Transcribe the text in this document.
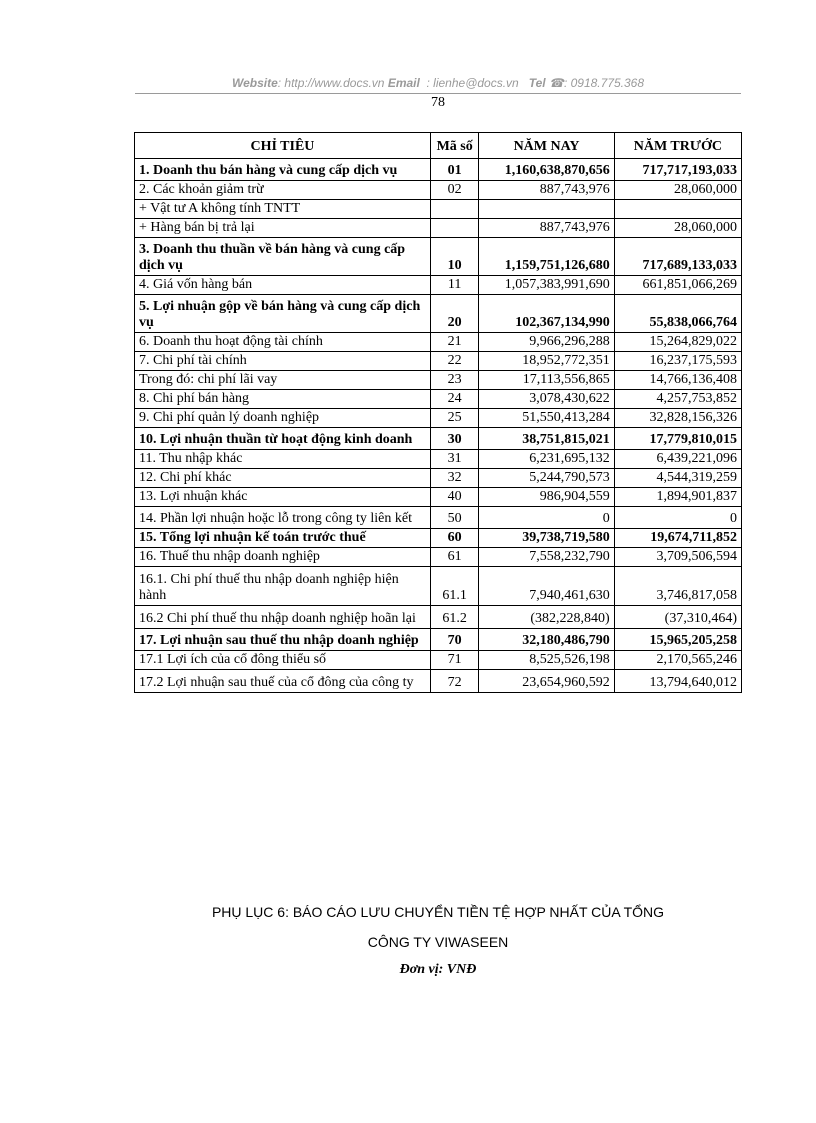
Website: http://www.docs.vn Email : lienhe@docs.vn Tel ☎: 0918.775.368
78
CHỈ TIÊU	Mã số	NĂM NAY	NĂM TRƯỚC
1. Doanh thu bán hàng và cung cấp dịch vụ	01	1,160,638,870,656	717,717,193,033
2. Các khoản giảm trừ	02	887,743,976	28,060,000
+ Vật tư A không tính TNTT			
+ Hàng bán bị trả lại		887,743,976	28,060,000
3. Doanh thu thuần về bán hàng và cung cấp dịch vụ	10	1,159,751,126,680	717,689,133,033
4. Giá vốn hàng bán	11	1,057,383,991,690	661,851,066,269
5. Lợi nhuận gộp về bán hàng và cung cấp dịch vụ	20	102,367,134,990	55,838,066,764
6. Doanh thu hoạt động tài chính	21	9,966,296,288	15,264,829,022
7. Chi phí tài chính	22	18,952,772,351	16,237,175,593
Trong đó: chi phí lãi vay	23	17,113,556,865	14,766,136,408
8. Chi phí bán hàng	24	3,078,430,622	4,257,753,852
9. Chi phí quản lý doanh nghiệp	25	51,550,413,284	32,828,156,326
10. Lợi nhuận thuần từ hoạt động kinh doanh	30	38,751,815,021	17,779,810,015
11. Thu nhập khác	31	6,231,695,132	6,439,221,096
12. Chi phí khác	32	5,244,790,573	4,544,319,259
13. Lợi nhuận khác	40	986,904,559	1,894,901,837
14. Phần lợi nhuận hoặc lỗ trong công ty liên kết	50	0	0
15. Tổng lợi nhuận kế toán trước thuế	60	39,738,719,580	19,674,711,852
16. Thuế thu nhập doanh nghiệp	61	7,558,232,790	3,709,506,594
16.1. Chi phí thuế thu nhập doanh nghiệp hiện hành	61.1	7,940,461,630	3,746,817,058
16.2 Chi phí thuế thu nhập doanh nghiệp hoãn lại	61.2	(382,228,840)	(37,310,464)
17. Lợi nhuận sau thuế thu nhập doanh nghiệp	70	32,180,486,790	15,965,205,258
17.1 Lợi ích của cổ đông thiểu số	71	8,525,526,198	2,170,565,246
17.2 Lợi nhuận sau thuế của cổ đông của công ty	72	23,654,960,592	13,794,640,012
PHỤ LỤC 6: BÁO CÁO LƯU CHUYỂN TIỀN TỆ HỢP NHẤT CỦA TỔNG
CÔNG TY VIWASEEN
Đơn vị: VNĐ
